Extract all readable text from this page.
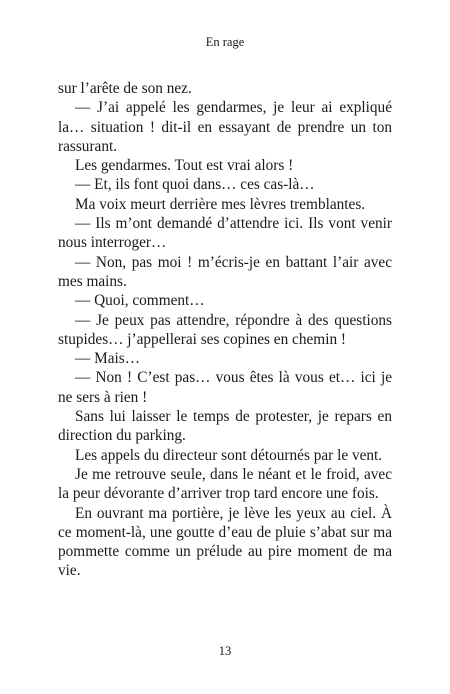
En rage

sur l’arête de son nez.

— J’ai appelé les gendarmes, je leur ai expliqué la… situation ! dit-il en essayant de prendre un ton rassurant.

Les gendarmes. Tout est vrai alors !

— Et, ils font quoi dans… ces cas-là…

Ma voix meurt derrière mes lèvres tremblantes.

— Ils m’ont demandé d’attendre ici. Ils vont venir nous interroger…

— Non, pas moi ! m’écris-je en battant l’air avec mes mains.

— Quoi, comment…

— Je peux pas attendre, répondre à des questions stupides… j’appellerai ses copines en chemin !

— Mais…

— Non ! C’est pas… vous êtes là vous et… ici je ne sers à rien !

Sans lui laisser le temps de protester, je repars en direction du parking.

Les appels du directeur sont détournés par le vent.

Je me retrouve seule, dans le néant et le froid, avec la peur dévorante d’arriver trop tard encore une fois.

En ouvrant ma portière, je lève les yeux au ciel. À ce moment-là, une goutte d’eau de pluie s’abat sur ma pommette comme un prélude au pire moment de ma vie.

13
